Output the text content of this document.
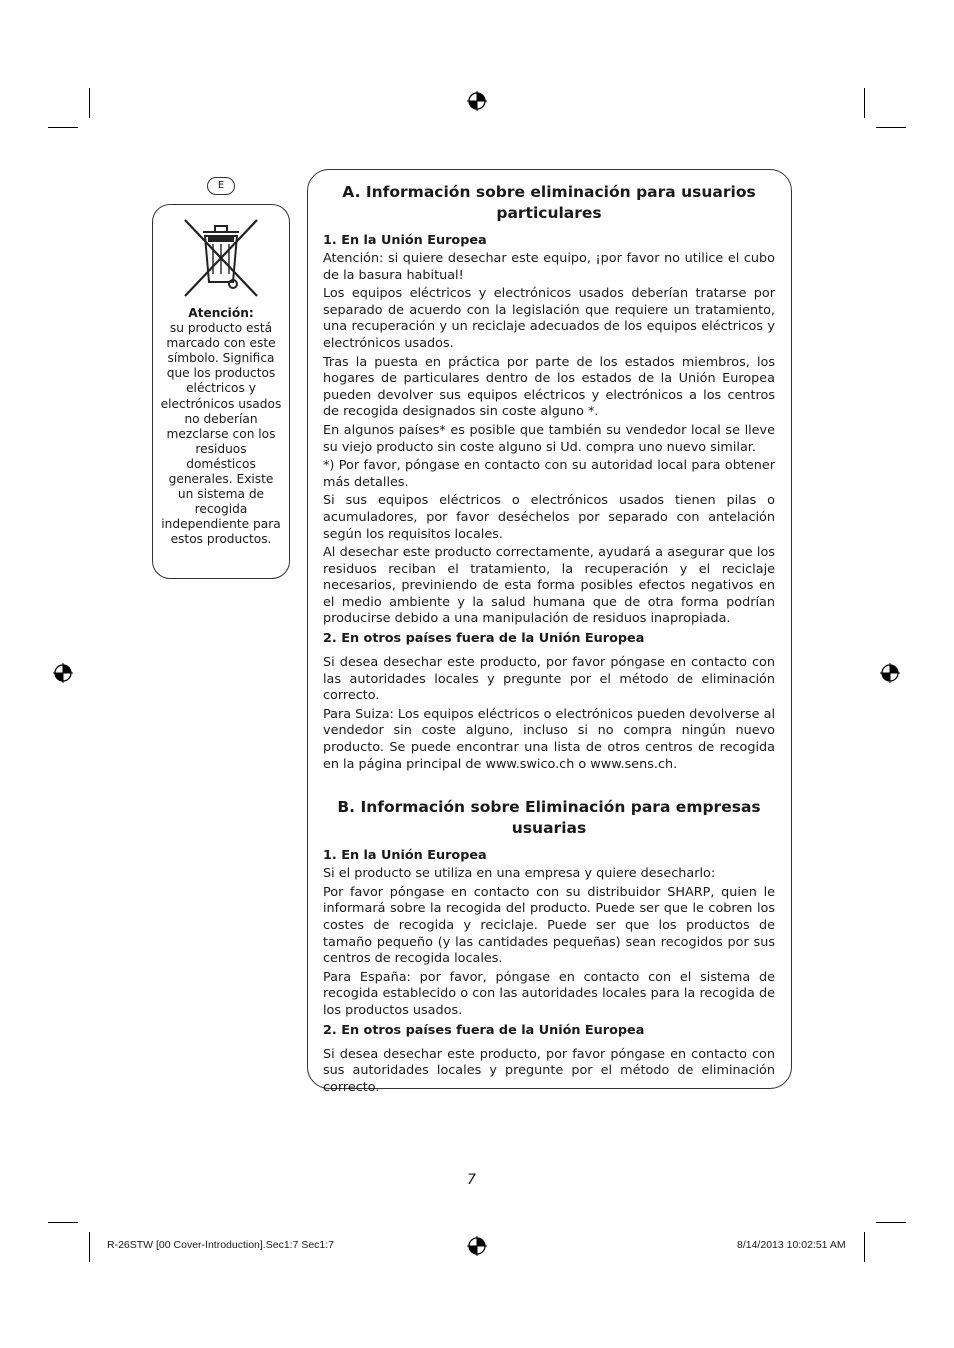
E
Atención:
su producto está marcado con este símbolo. Significa que los productos eléctricos y electrónicos usados no deberían mezclarse con los residuos domésticos generales. Existe un sistema de recogida independiente para estos productos.
A. Información sobre eliminación para usuarios particulares
1. En la Unión Europea

Atención: si quiere desechar este equipo, ¡por favor no utilice el cubo de la basura habitual!

Los equipos eléctricos y electrónicos usados deberían tratarse por separado de acuerdo con la legislación que requiere un tratamiento, una recuperación y un reciclaje adecuados de los equipos eléctricos y electrónicos usados.

Tras la puesta en práctica por parte de los estados miembros, los hogares de particulares dentro de los estados de la Unión Europea pueden devolver sus equipos eléctricos y electrónicos a los centros de recogida designados sin coste alguno *.

En algunos países* es posible que también su vendedor local se lleve su viejo producto sin coste alguno si Ud. compra uno nuevo similar.

*) Por favor, póngase en contacto con su autoridad local para obtener más detalles.

Si sus equipos eléctricos o electrónicos usados tienen pilas o acumuladores, por favor deséchelos por separado con antelación según los requisitos locales.

Al desechar este producto correctamente, ayudará a asegurar que los residuos reciban el tratamiento, la recuperación y el reciclaje necesarios, previniendo de esta forma posibles efectos negativos en el medio ambiente y la salud humana que de otra forma podrían producirse debido a una manipulación de residuos inapropiada.

2. En otros países fuera de la Unión Europea

Si desea desechar este producto, por favor póngase en contacto con las autoridades locales y pregunte por el método de eliminación correcto.

Para Suiza: Los equipos eléctricos o electrónicos pueden devolverse al vendedor sin coste alguno, incluso si no compra ningún nuevo producto. Se puede encontrar una lista de otros centros de recogida en la página principal de www.swico.ch o www.sens.ch.

B. Información sobre Eliminación para empresas usuarias
1. En la Unión Europea

Si el producto se utiliza en una empresa y quiere desecharlo:

Por favor póngase en contacto con su distribuidor SHARP, quien le informará sobre la recogida del producto. Puede ser que le cobren los costes de recogida y reciclaje. Puede ser que los productos de tamaño pequeño (y las cantidades pequeñas) sean recogidos por sus centros de recogida locales.

Para España: por favor, póngase en contacto con el sistema de recogida establecido o con las autoridades locales para la recogida de los productos usados.

2. En otros países fuera de la Unión Europea

Si desea desechar este producto, por favor póngase en contacto con sus autoridades locales y pregunte por el método de eliminación correcto.

7
R-26STW [00 Cover-Introduction].Sec1:7 Sec1:7	8/14/2013 10:02:51 AM
